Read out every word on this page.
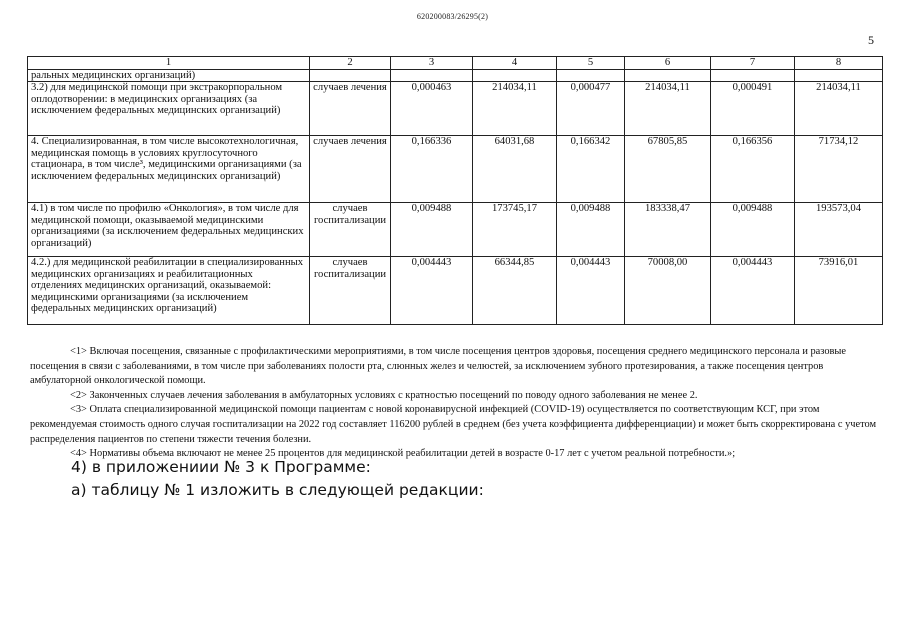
620200083/26295(2)
5
1	2	3	4	5	6	7	8
ральных медицинских организаций)							
3.2) для медицинской помощи при экстракорпоральном оплодотворении: в медицинских организациях (за исключением федеральных медицинских организаций)	случаев лечения	0,000463	214034,11	0,000477	214034,11	0,000491	214034,11
4. Специализированная, в том числе высокотехнологичная, медицинская помощь в условиях круглосуточного стационара, в том числе³, медицинскими организациями (за исключением федеральных медицинских организаций)	случаев лечения	0,166336	64031,68	0,166342	67805,85	0,166356	71734,12
4.1) в том числе по профилю «Онкология», в том числе для медицинской помощи, оказываемой медицинскими организациями (за исключением федеральных медицинских организаций)	случаев госпитализации	0,009488	173745,17	0,009488	183338,47	0,009488	193573,04
4.2.) для медицинской реабилитации в специализированных медицинских организациях и реабилитационных отделениях медицинских организаций, оказываемой: медицинскими организациями (за исключением федеральных медицинских организаций)	случаев госпитализации	0,004443	66344,85	0,004443	70008,00	0,004443	73916,01

<1> Включая посещения, связанные с профилактическими мероприятиями, в том числе посещения центров здоровья, посещения среднего медицинского персонала и разовые посещения в связи с заболеваниями, в том числе при заболеваниях полости рта, слюнных желез и челюстей, за исключением зубного протезирования, а также посещения центров амбулаторной онкологической помощи.

<2> Законченных случаев лечения заболевания в амбулаторных условиях с кратностью посещений по поводу одного заболевания не менее 2.

<3> Оплата специализированной медицинской помощи пациентам с новой коронавирусной инфекцией (COVID-19) осуществляется по соответствующим КСГ, при этом рекомендуемая стоимость одного случая госпитализации на 2022 год составляет 116200 рублей в среднем (без учета коэффициента дифференциации) и может быть скорректирована с учетом распределения пациентов по степени тяжести течения болезни.

<4> Нормативы объема включают не менее 25 процентов для медицинской реабилитации детей в возрасте 0-17 лет с учетом реальной потребности.»;

4) в приложениии № 3 к Программе:
а) таблицу № 1 изложить в следующей редакции:
